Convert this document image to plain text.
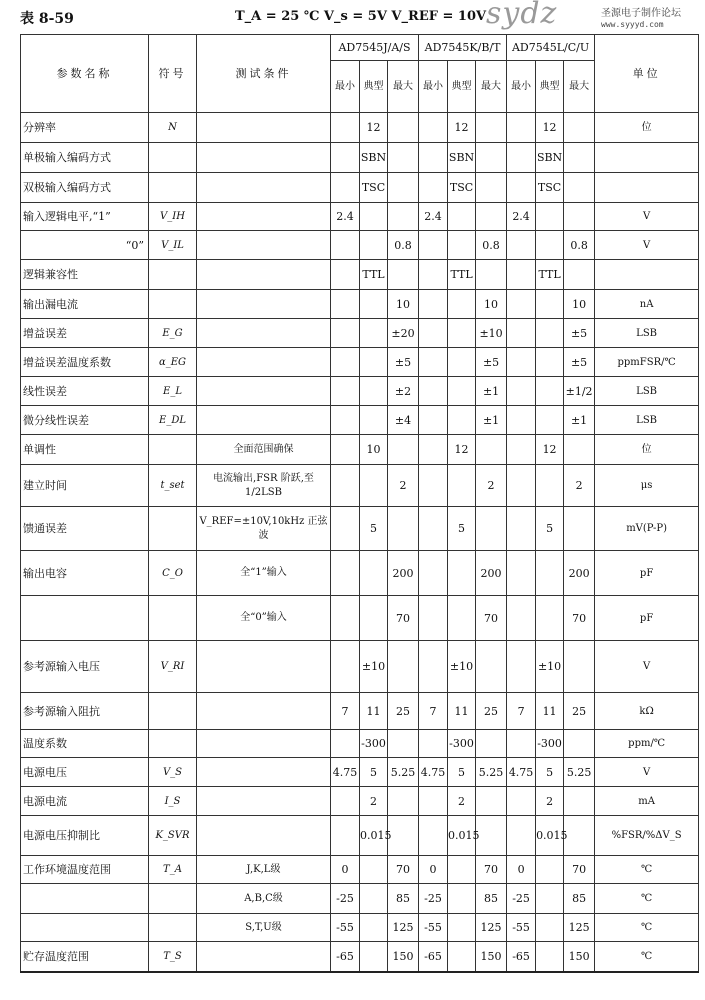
表 8-59	T_A = 25 ℃ V_s = 5V V_REF = 10V sydz	圣源电子制作论坛
www.syyyd.com
参数名称	符号	测试条件	AD7545J/A/S			AD7545K/B/T			AD7545L/C/U			单位
			最小	典型	最大	最小	典型	最大	最小	典型	最大	
分辨率	N			12			12			12		位
单极输入编码方式				SBN			SBN			SBN		
双极输入编码方式				TSC			TSC			TSC		
输入逻辑电平,“1”	V_IH		2.4			2.4			2.4			V
“0”	V_IL				0.8			0.8			0.8	V
逻辑兼容性				TTL			TTL			TTL		
输出漏电流					10			10			10	nA
增益误差	E_G				±20			±10			±5	LSB
增益误差温度系数	α_EG				±5			±5			±5	ppmFSR/℃
线性误差	E_L				±2			±1			±1/2	LSB
微分线性误差	E_DL				±4			±1			±1	LSB
单调性		全面范围确保		10			12			12		位
建立时间	t_set	电流输出,FSR 阶跃,至1/2LSB			2			2			2	μs
馈通误差		V_REF=±10V,10kHz 正弦波		5			5			5		mV(P-P)
输出电容	C_O	全“1”输入			200			200			200	pF
		全“0”输入			70			70			70	pF
参考源输入电压	V_RI			±10			±10			±10		V
参考源输入阻抗			7	11	25	7	11	25	7	11	25	kΩ
温度系数				-300			-300			-300		ppm/℃
电源电压	V_S		4.75	5	5.25	4.75	5	5.25	4.75	5	5.25	V
电源电流	I_S			2			2			2		mA
电源电压抑制比	K_SVR			0.015			0.015			0.015		%FSR/%ΔV_S
工作环境温度范围	T_A	J,K,L级	0		70	0		70	0		70	℃
		A,B,C级	-25		85	-25		85	-25		85	℃
		S,T,U级	-55		125	-55		125	-55		125	℃
贮存温度范围	T_S		-65		150	-65		150	-65		150	℃
